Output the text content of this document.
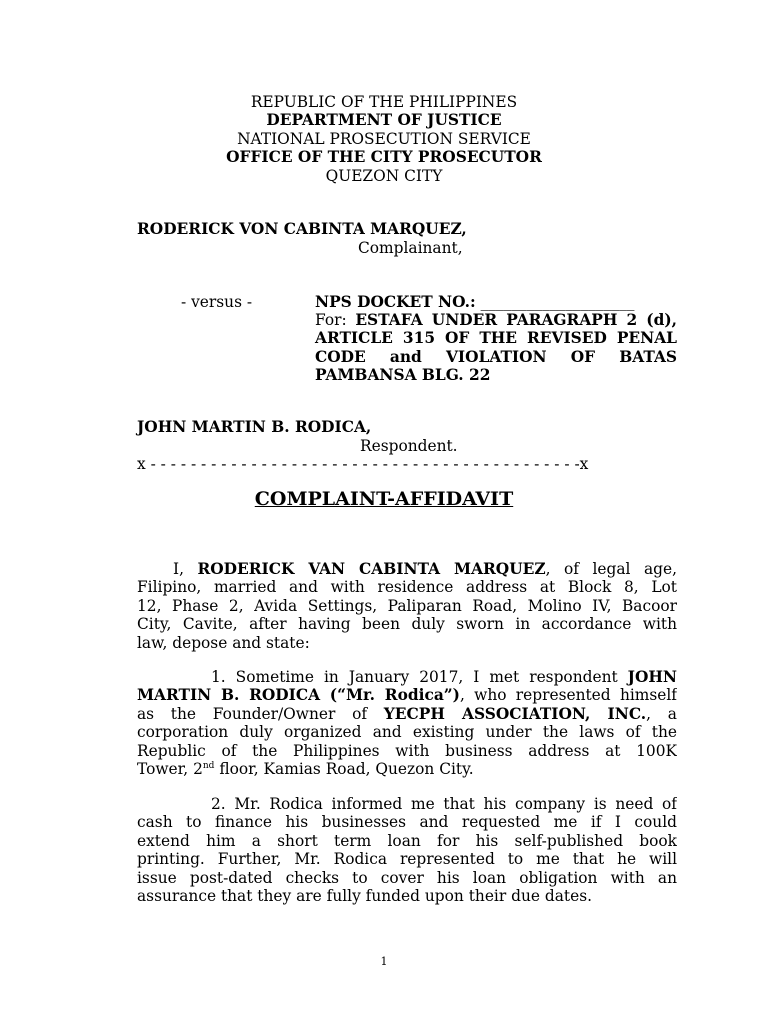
REPUBLIC OF THE PHILIPPINES
DEPARTMENT OF JUSTICE
NATIONAL PROSECUTION SERVICE
OFFICE OF THE CITY PROSECUTOR
QUEZON CITY
RODERICK VON CABINTA MARQUEZ,
Complainant,
- versus -	NPS DOCKET NO.: ____________________
For: ESTAFA UNDER PARAGRAPH 2 (d),
ARTICLE 315 OF THE REVISED PENAL
CODE and VIOLATION OF BATAS
PAMBANSA BLG. 22
JOHN MARTIN B. RODICA,
Respondent.
x - - - - - - - - - - - - - - - - - - - - - - - - - - - - - - - - - - - - - - - - - - -x
COMPLAINT-AFFIDAVIT
I, RODERICK VAN CABINTA MARQUEZ, of legal age,
Filipino, married and with residence address at Block 8, Lot
12, Phase 2, Avida Settings, Paliparan Road, Molino IV, Bacoor
City, Cavite, after having been duly sworn in accordance with
law, depose and state:
1. Sometime in January 2017, I met respondent JOHN
MARTIN B. RODICA (“Mr. Rodica”), who represented himself
as the Founder/Owner of YECPH ASSOCIATION, INC., a
corporation duly organized and existing under the laws of the
Republic of the Philippines with business address at 100K
Tower, 2nd floor, Kamias Road, Quezon City.
2. Mr. Rodica informed me that his company is need of
cash to finance his businesses and requested me if I could
extend him a short term loan for his self-published book
printing. Further, Mr. Rodica represented to me that he will
issue post-dated checks to cover his loan obligation with an
assurance that they are fully funded upon their due dates.
1
